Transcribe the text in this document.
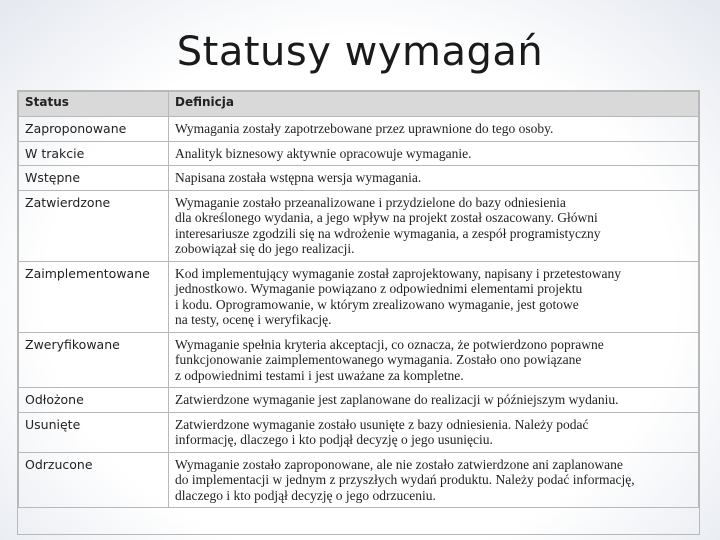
Statusy wymagań
Status	Definicja
Zaproponowane	Wymagania zostały zapotrzebowane przez uprawnione do tego osoby.
W trakcie	Analityk biznesowy aktywnie opracowuje wymaganie.
Wstępne	Napisana została wstępna wersja wymagania.
Zatwierdzone	Wymaganie zostało przeanalizowane i przydzielone do bazy odniesienia
dla określonego wydania, a jego wpływ na projekt został oszacowany. Główni
interesariusze zgodzili się na wdrożenie wymagania, a zespół programistyczny
zobowiązał się do jego realizacji.
Zaimplementowane	Kod implementujący wymaganie został zaprojektowany, napisany i przetestowany
jednostkowo. Wymaganie powiązano z odpowiednimi elementami projektu
i kodu. Oprogramowanie, w którym zrealizowano wymaganie, jest gotowe
na testy, ocenę i weryfikację.
Zweryfikowane	Wymaganie spełnia kryteria akceptacji, co oznacza, że potwierdzono poprawne
funkcjonowanie zaimplementowanego wymagania. Zostało ono powiązane
z odpowiednimi testami i jest uważane za kompletne.
Odłożone	Zatwierdzone wymaganie jest zaplanowane do realizacji w późniejszym wydaniu.
Usunięte	Zatwierdzone wymaganie zostało usunięte z bazy odniesienia. Należy podać
informację, dlaczego i kto podjął decyzję o jego usunięciu.
Odrzucone	Wymaganie zostało zaproponowane, ale nie zostało zatwierdzone ani zaplanowane
do implementacji w jednym z przyszłych wydań produktu. Należy podać informację,
dlaczego i kto podjął decyzję o jego odrzuceniu.
